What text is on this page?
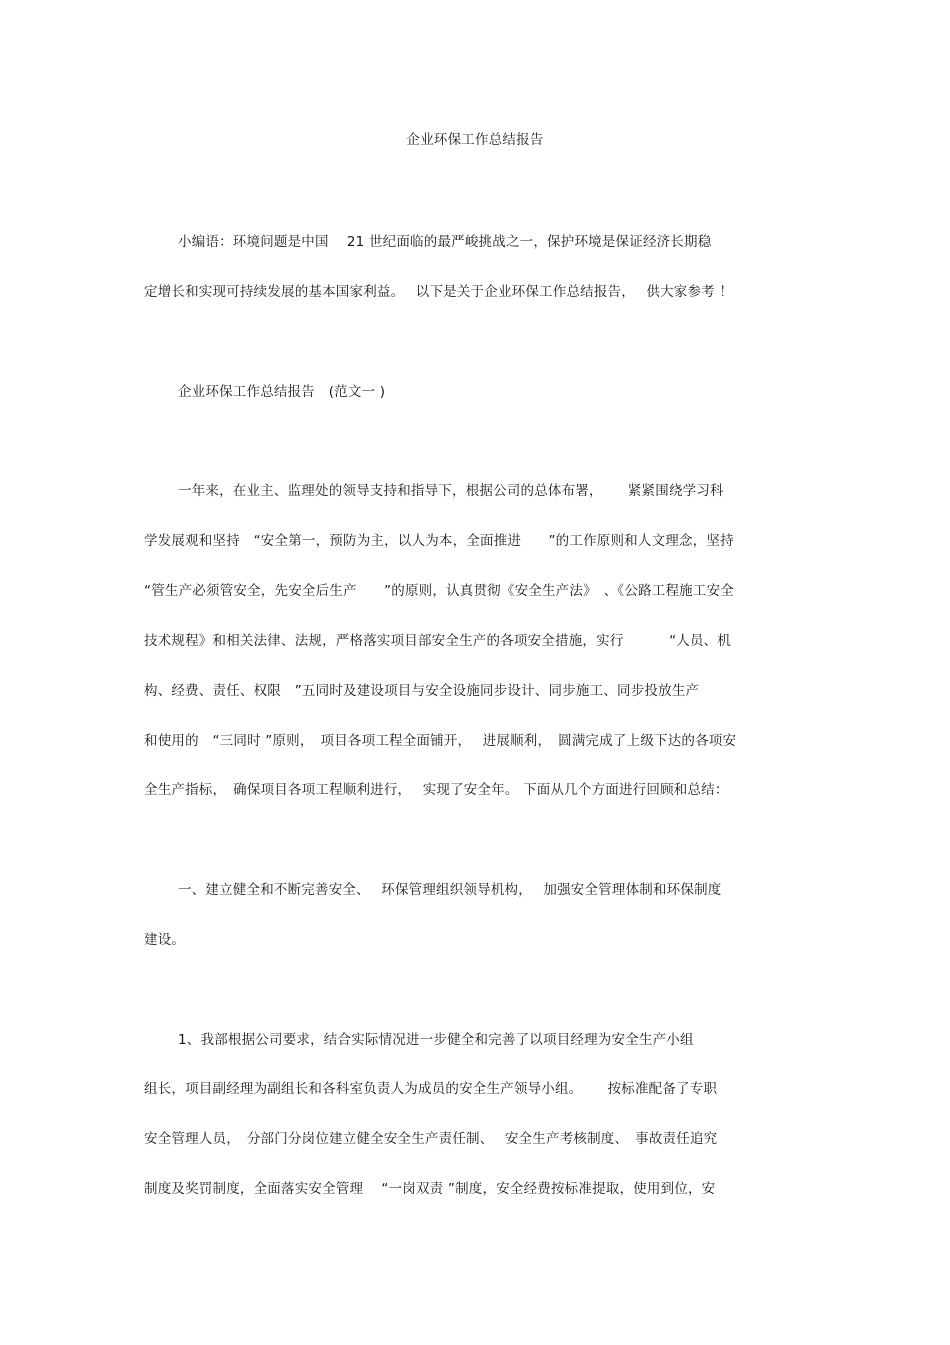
企业环保工作总结报告
小编语：环境问题是中国　 21 世纪面临的最严峻挑战之一，保护环境是保证经济长期稳
定增长和实现可持续发展的基本国家利益。　 以下是关于企业环保工作总结报告，　 供大家参考 ！
企业环保工作总结报告　(范文一 )
一年来，在业主、监理处的领导支持和指导下，根据公司的总体布署，　　 紧紧围绕学习科
学发展观和坚持　“安全第一，预防为主，以人为本，全面推进　　”的工作原则和人文理念，坚持
“管生产必须管安全，先安全后生产　　”的原则，认真贯彻《安全生产法》　、《公路工程施工安全
技术规程》和相关法律、法规，严格落实项目部安全生产的各项安全措施，实行　　　 “人员、机
构、经费、责任、权限　”五同时及建设项目与安全设施同步设计、同步施工、同步投放生产
和使用的　“三同时 ”原则，　项目各项工程全面铺开，　 进展顺利，　圆满完成了上级下达的各项安
全生产指标，　确保项目各项工程顺利进行，　 实现了安全年。 下面从几个方面进行回顾和总结：
一、建立健全和不断完善安全、　 环保管理组织领导机构，　 加强安全管理体制和环保制度
建设。
1、我部根据公司要求，结合实际情况进一步健全和完善了以项目经理为安全生产小组
组长，项目副经理为副组长和各科室负责人为成员的安全生产领导小组。　　 按标准配备了专职
安全管理人员，　分部门分岗位建立健全安全生产责任制、　 安全生产考核制度、　事故责任追究
制度及奖罚制度，全面落实安全管理　 “一岗双责 ”制度，安全经费按标准提取，使用到位，安
